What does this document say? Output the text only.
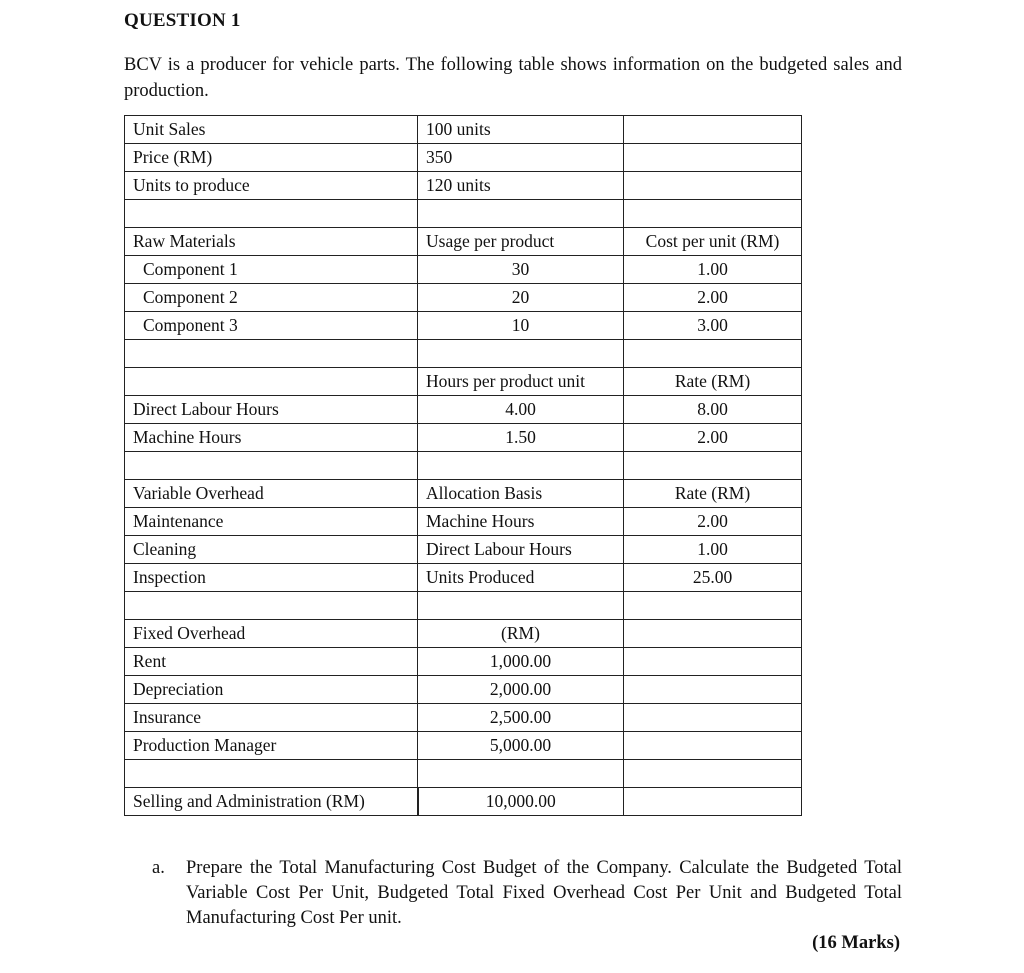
QUESTION 1
BCV is a producer for vehicle parts. The following table shows information on the budgeted sales and production.
Unit Sales	100 units	
Price (RM)	350	
Units to produce	120 units	

Raw Materials	Usage per product	Cost per unit (RM)
Component 1	30	1.00
Component 2	20	2.00
Component 3	10	3.00

	Hours per product unit	Rate (RM)
Direct Labour Hours	4.00	8.00
Machine Hours	1.50	2.00

Variable Overhead	Allocation Basis	Rate (RM)
Maintenance	Machine Hours	2.00
Cleaning	Direct Labour Hours	1.00
Inspection	Units Produced	25.00

Fixed Overhead	(RM)	
Rent	1,000.00	
Depreciation	2,000.00	
Insurance	2,500.00	
Production Manager	5,000.00	

Selling and Administration (RM)	10,000.00	
a. Prepare the Total Manufacturing Cost Budget of the Company. Calculate the Budgeted Total Variable Cost Per Unit, Budgeted Total Fixed Overhead Cost Per Unit and Budgeted Total Manufacturing Cost Per unit.
(16 Marks)
